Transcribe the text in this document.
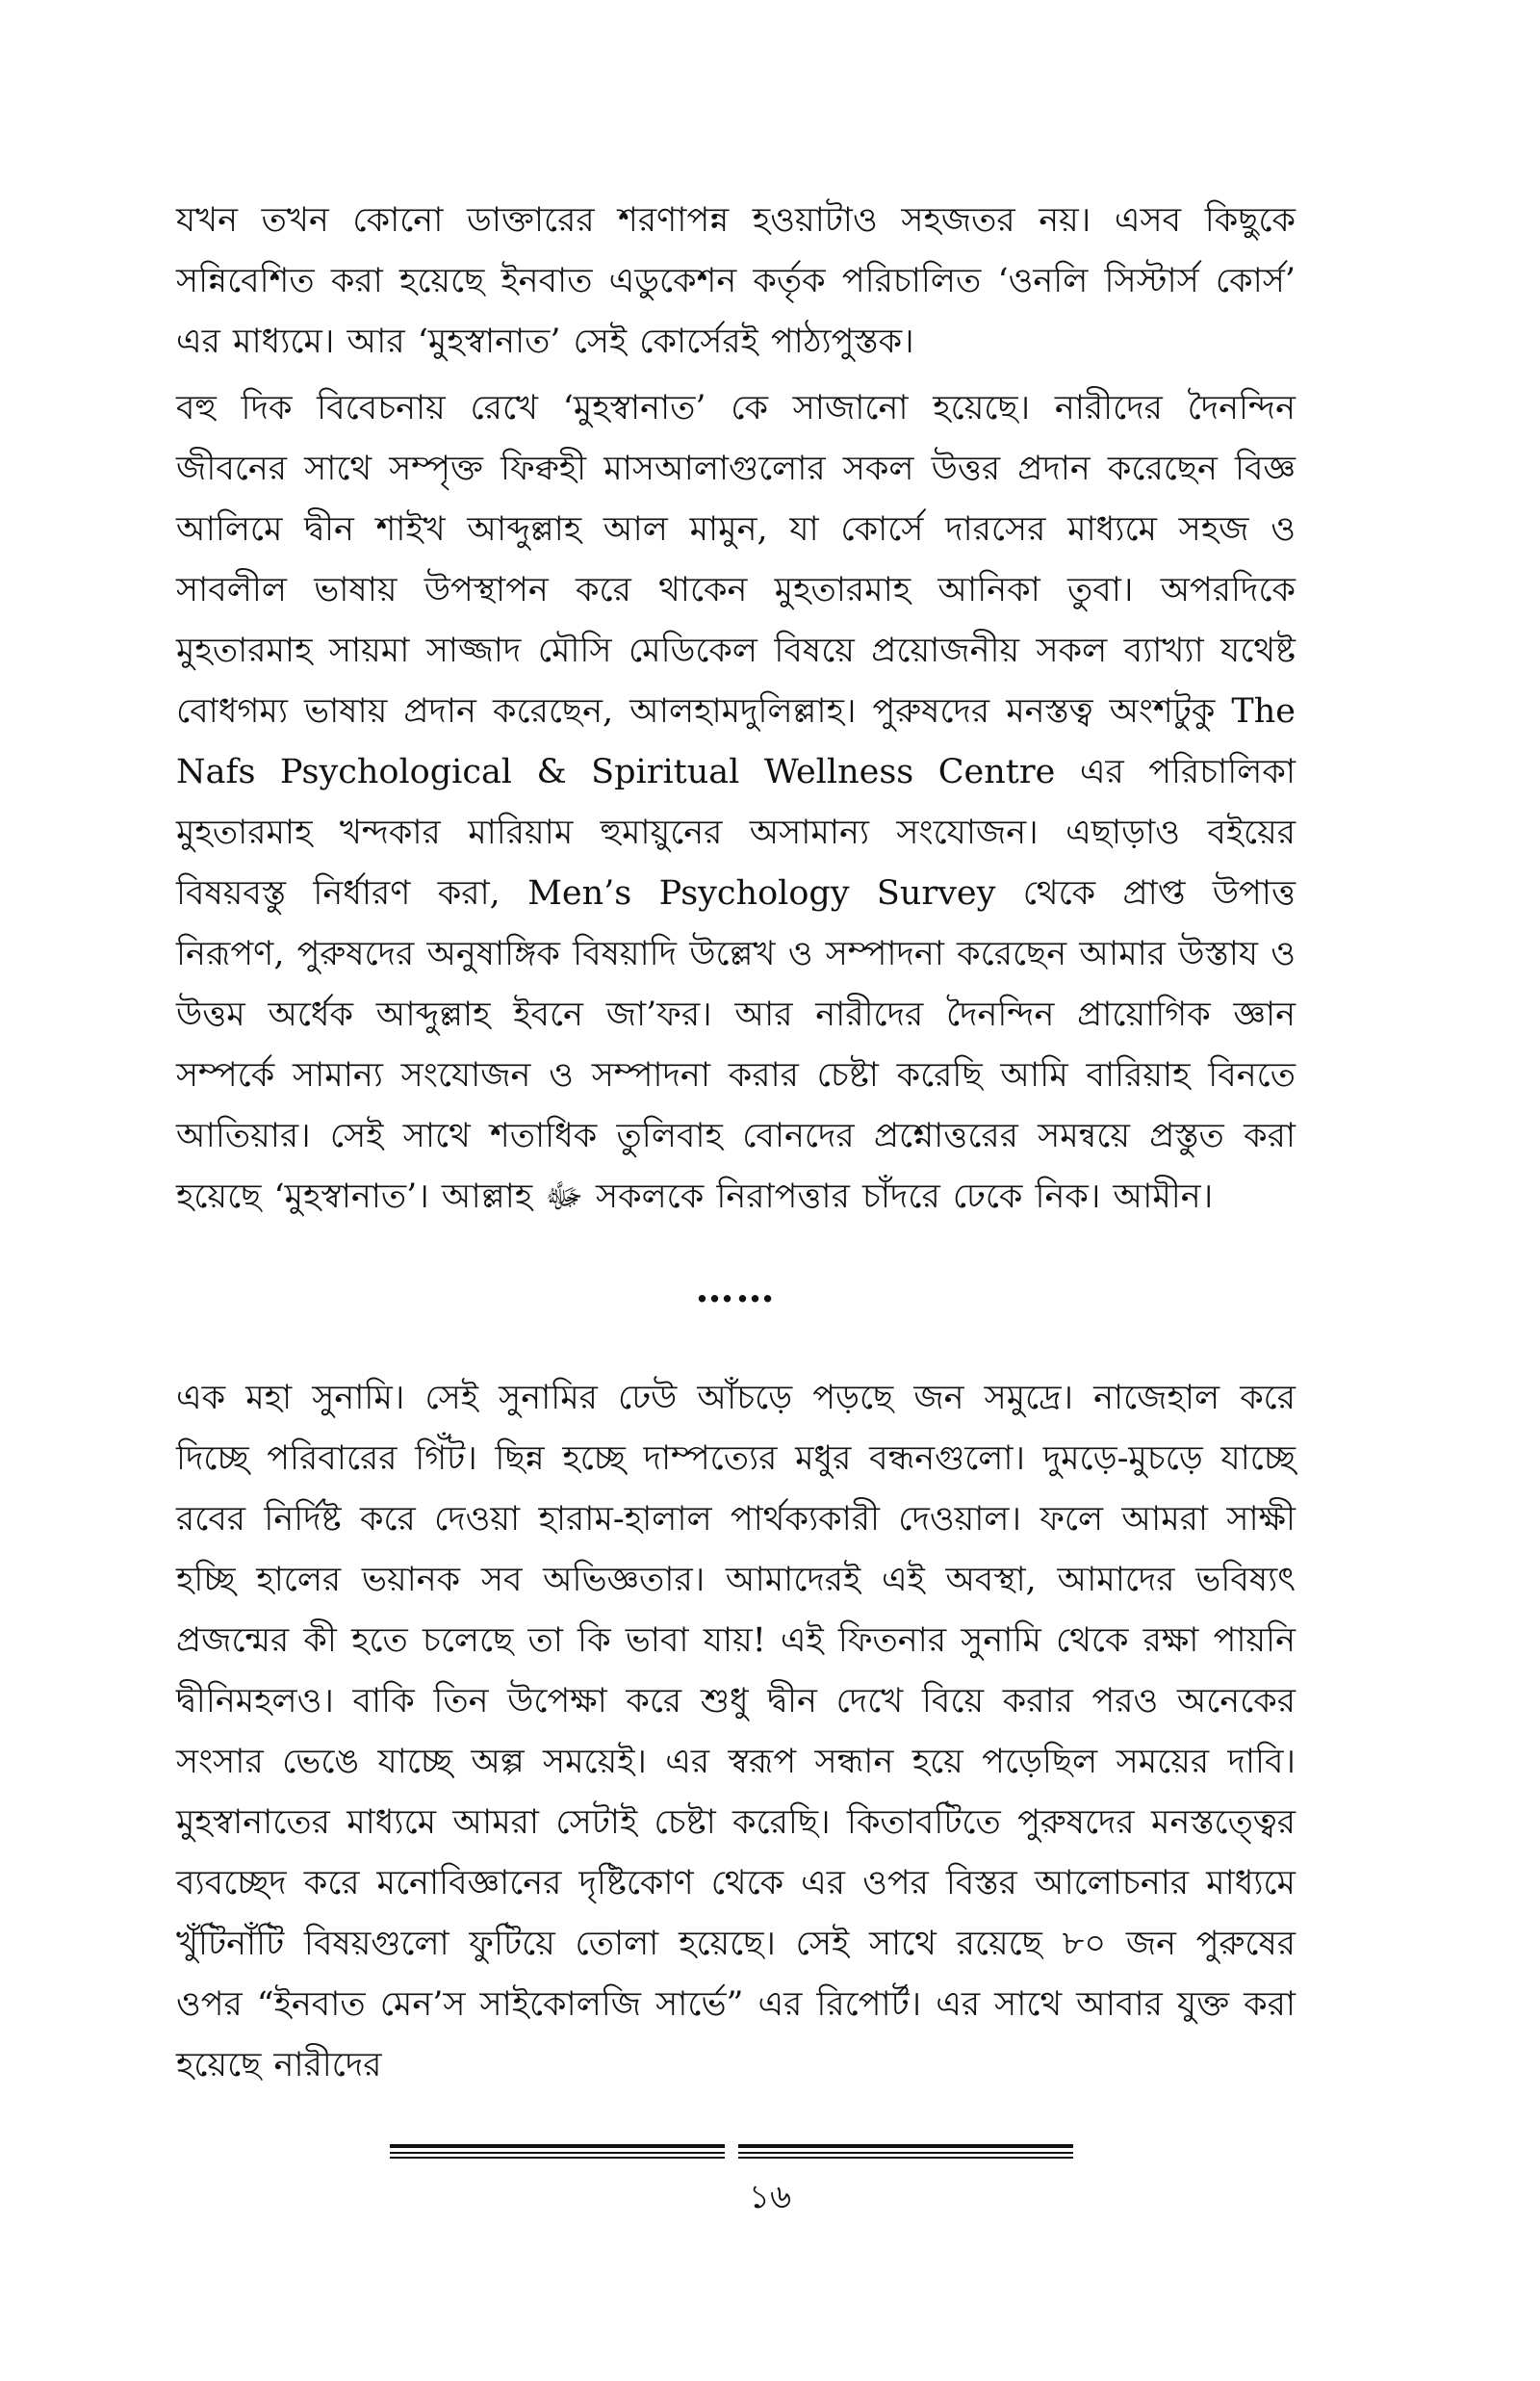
যখন তখন কোনো ডাক্তারের শরণাপন্ন হওয়াটাও সহজতর নয়। এসব কিছুকে সন্নিবেশিত করা হয়েছে ইনবাত এডুকেশন কর্তৃক পরিচালিত ‘ওনলি সিস্টার্স কোর্স’ এর মাধ্যমে। আর ‘মুহস্বানাত’ সেই কোর্সেরই পাঠ্যপুস্তক।

বহু দিক বিবেচনায় রেখে ‘মুহস্বানাত’ কে সাজানো হয়েছে। নারীদের দৈনন্দিন জীবনের সাথে সম্পৃক্ত ফিক্বহী মাসআলাগুলোর সকল উত্তর প্রদান করেছেন বিজ্ঞ আলিমে দ্বীন শাইখ আব্দুল্লাহ আল মামুন, যা কোর্সে দারসের মাধ্যমে সহজ ও সাবলীল ভাষায় উপস্থাপন করে থাকেন মুহতারমাহ আনিকা তুবা। অপরদিকে মুহতারমাহ সায়মা সাজ্জাদ মৌসি মেডিকেল বিষয়ে প্রয়োজনীয় সকল ব্যাখ্যা যথেষ্ট বোধগম্য ভাষায় প্রদান করেছেন, আলহামদুলিল্লাহ। পুরুষদের মনস্তত্ব অংশটুকু The Nafs Psychological & Spiritual Wellness Centre এর পরিচালিকা মুহতারমাহ খন্দকার মারিয়াম হুমায়ুনের অসামান্য সংযোজন। এছাড়াও বইয়ের বিষয়বস্তু নির্ধারণ করা, Men’s Psychology Survey থেকে প্রাপ্ত উপাত্ত নিরূপণ, পুরুষদের অনুষাঙ্গিক বিষয়াদি উল্লেখ ও সম্পাদনা করেছেন আমার উস্তায ও উত্তম অর্ধেক আব্দুল্লাহ ইবনে জা’ফর। আর নারীদের দৈনন্দিন প্রায়োগিক জ্ঞান সম্পর্কে সামান্য সংযোজন ও সম্পাদনা করার চেষ্টা করেছি আমি বারিয়াহ বিনতে আতিয়ার। সেই সাথে শতাধিক তুলিবাহ বোনদের প্রশ্নোত্তরের সমন্বয়ে প্রস্তুত করা হয়েছে ‘মুহস্বানাত’। আল্লাহ ﷻ সকলকে নিরাপত্তার চাঁদরে ঢেকে নিক। আমীন।

……

এক মহা সুনামি। সেই সুনামির ঢেউ আঁচড়ে পড়ছে জন সমুদ্রে। নাজেহাল করে দিচ্ছে পরিবারের গিঁট। ছিন্ন হচ্ছে দাম্পত্যের মধুর বন্ধনগুলো। দুমড়ে-মুচড়ে যাচ্ছে রবের নির্দিষ্ট করে দেওয়া হারাম-হালাল পার্থক্যকারী দেওয়াল। ফলে আমরা সাক্ষী হচ্ছি হালের ভয়ানক সব অভিজ্ঞতার। আমাদেরই এই অবস্থা, আমাদের ভবিষ্যৎ প্রজন্মের কী হতে চলেছে তা কি ভাবা যায়! এই ফিতনার সুনামি থেকে রক্ষা পায়নি দ্বীনিমহলও। বাকি তিন উপেক্ষা করে শুধু দ্বীন দেখে বিয়ে করার পরও অনেকের সংসার ভেঙে যাচ্ছে অল্প সময়েই। এর স্বরূপ সন্ধান হয়ে পড়েছিল সময়ের দাবি। মুহস্বানাতের মাধ্যমে আমরা সেটাই চেষ্টা করেছি। কিতাবটিতে পুরুষদের মনস্তত্ত্বের ব্যবচ্ছেদ করে মনোবিজ্ঞানের দৃষ্টিকোণ থেকে এর ওপর বিস্তর আলোচনার মাধ্যমে খুঁটিনাঁটি বিষয়গুলো ফুটিয়ে তোলা হয়েছে। সেই সাথে রয়েছে ৮০ জন পুরুষের ওপর “ইনবাত মেন’স সাইকোলজি সার্ভে” এর রিপোর্ট। এর সাথে আবার যুক্ত করা হয়েছে নারীদের

১৬
